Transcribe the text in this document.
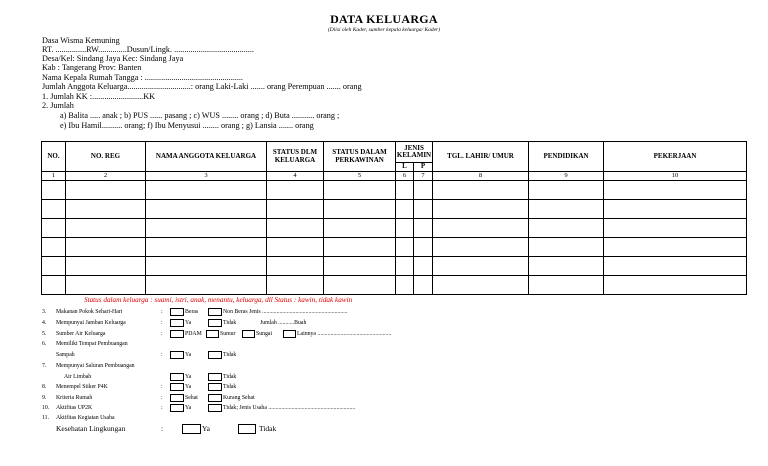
DATA KELUARGA
(Diisi oleh Kader, sumber kepala keluarga/ Kader)
Dasa Wisma Kemuning
RT. ...............RW..............Dusun/Lingk. .......................................
Desa/Kel: Sindang Jaya Kec: Sindang Jaya
Kab : Tangerang Prov: Banten
Nama Kepala Rumah Tangga : ................................................
Jumlah Anggota Keluarga...............................: orang Laki-Laki ....... orang Perempuan ....... orang
1. Jumlah KK :.........................KK
2. Jumlah
a) Balita ..... anak ; b) PUS ...... pasang ; c) WUS ........ orang ; d) Buta ........... orang ;
e) Ibu Hamil.......... orang; f) Ibu Menyusui ........ orang ; g) Lansia ....... orang
NO.	NO. REG	NAMA ANGGOTA KELUARGA	STATUS DLM KELUARGA	STATUS DALAM PERKAWINAN	JENIS KELAMIN		TGL. LAHIR/ UMUR	PENDIDIKAN	PEKERJAAN
					L	P			
1	2	3	4	5	6	7	8	9	10

Status dalam keluarga : suami, istri, anak, menantu, keluarga, dll Status : kawin, tidak kawin
3. Makanan Pokok Sehari-Hari	:	Beras	Non Beras Jenis ...........................................................
4. Mempunyai Jamban Keluarga	:	Ya	Tidak	Jumlah ...........Buah
5. Sumber Air Keluarga	:	PDAM	Sumur	Sungai	Lainnya ...................................................
6. Memiliki Tempat Pembuangan
Sampah	:	Ya	Tidak
7. Mempunyai Saluran Pembuangan
Air Limbah	Ya	Tidak
8. Menempel Stiker P4K	:	Ya	Tidak
9. Kriteria Rumah	:	Sehat	Kurang Sehat
10. Aktifitas UP2K	:	Ya	Tidak; Jenis Usaha ............................................................
11. Aktifitas Kegiatan Usaha
Kesehatan Lingkungan	:	Ya	Tidak
